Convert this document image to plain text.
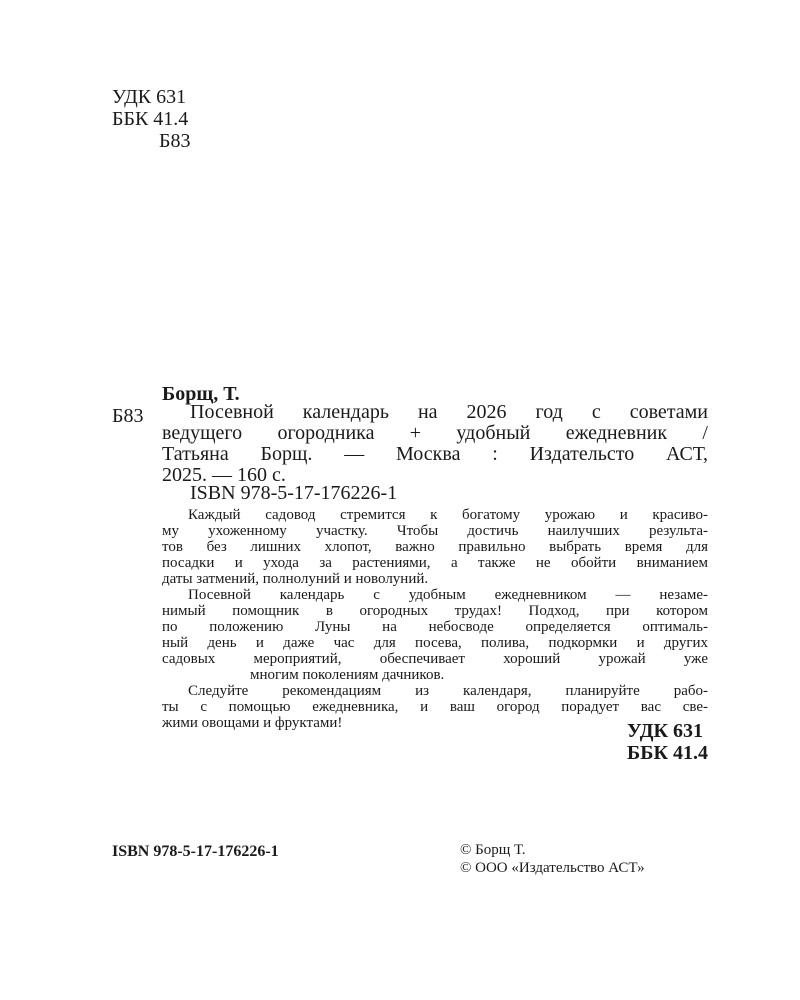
УДК 631
ББК 41.4
Б83
Борщ, Т.
Б83	Посевной календарь на 2026 год с советами
ведущего огородника + удобный ежедневник /
Татьяна Борщ. — Москва : Издательсто АСТ,
2025. — 160 с.
ISBN 978-5-17-176226-1
Каждый садовод стремится к богатому урожаю и красиво-
му ухоженному участку. Чтобы достичь наилучших результа-
тов без лишних хлопот, важно правильно выбрать время для
посадки и ухода за растениями, а также не обойти вниманием
даты затмений, полнолуний и новолуний.
Посевной календарь с удобным ежедневником — незаме-
нимый помощник в огородных трудах! Подход, при котором
по положению Луны на небосводе определяется оптималь-
ный день и даже час для посева, полива, подкормки и других
садовых мероприятий, обеспечивает хороший урожай уже
многим поколениям дачников.
Следуйте рекомендациям из календаря, планируйте рабо-
ты с помощью ежедневника, и ваш огород порадует вас све-
жими овощами и фруктами!	УДК 631
ББК 41.4
ISBN 978-5-17-176226-1	© Борщ Т.
© ООО «Издательство АСТ»
